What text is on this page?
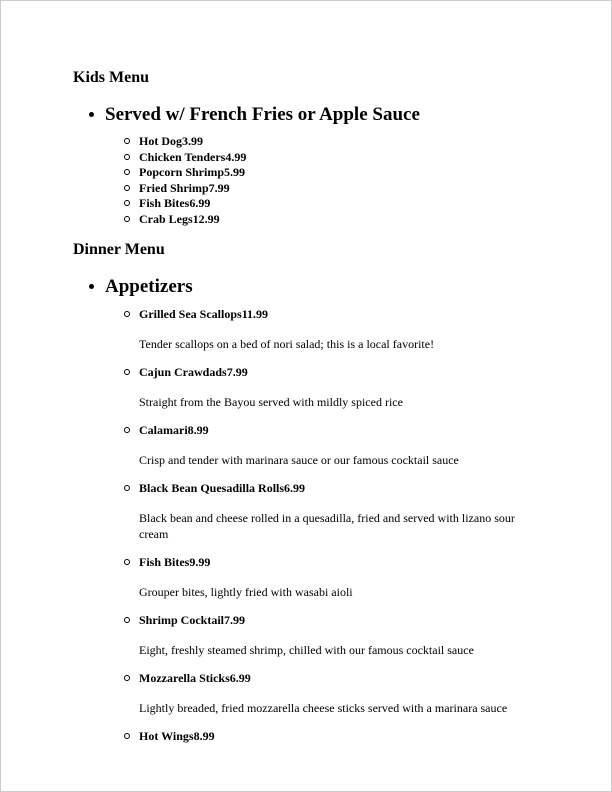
Kids Menu
Served w/ French Fries or Apple Sauce
Hot Dog3.99
Chicken Tenders4.99
Popcorn Shrimp5.99
Fried Shrimp7.99
Fish Bites6.99
Crab Legs12.99
Dinner Menu
Appetizers
Grilled Sea Scallops11.99

Tender scallops on a bed of nori salad; this is a local favorite!

Cajun Crawdads7.99

Straight from the Bayou served with mildly spiced rice

Calamari8.99

Crisp and tender with marinara sauce or our famous cocktail sauce

Black Bean Quesadilla Rolls6.99

Black bean and cheese rolled in a quesadilla, fried and served with lizano sour cream

Fish Bites9.99

Grouper bites, lightly fried with wasabi aioli

Shrimp Cocktail7.99

Eight, freshly steamed shrimp, chilled with our famous cocktail sauce

Mozzarella Sticks6.99

Lightly breaded, fried mozzarella cheese sticks served with a marinara sauce

Hot Wings8.99
